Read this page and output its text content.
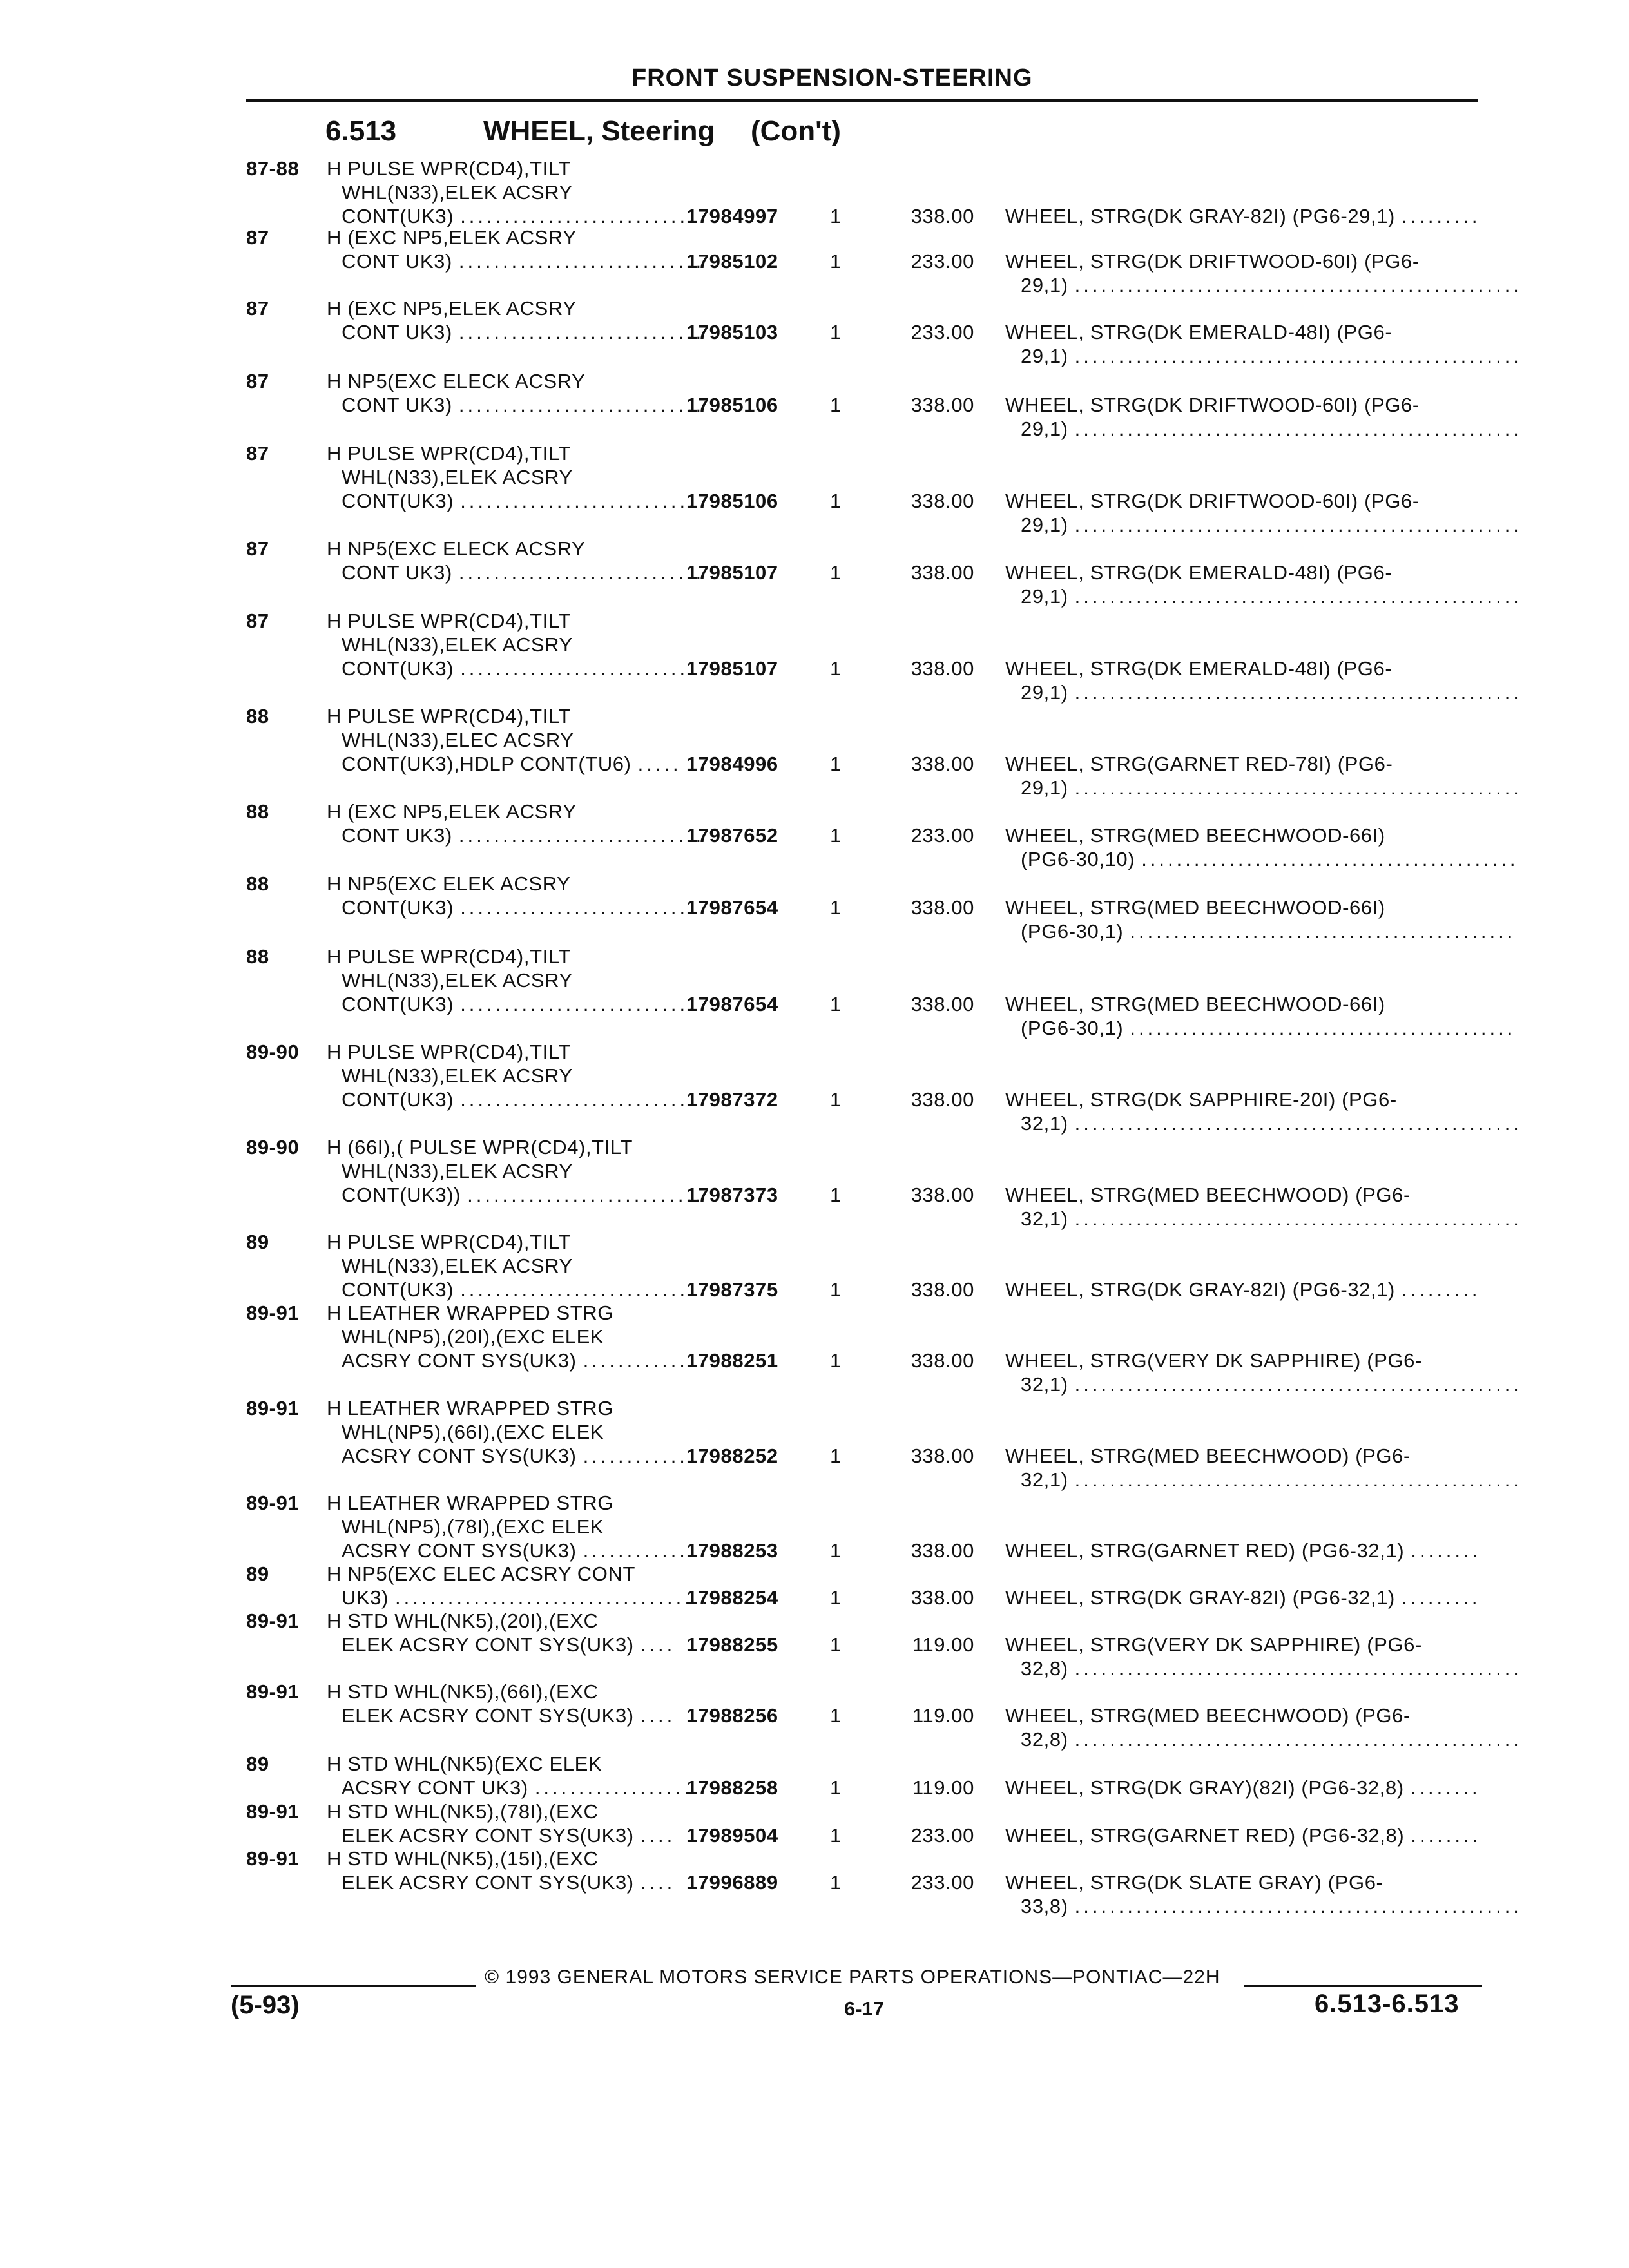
FRONT SUSPENSION-STEERING
6.513	WHEEL, Steering (Con't)
87-88 H PULSE WPR(CD4),TILT
WHL(N33),ELEK ACSRY
CONT(UK3) ...........................
17984997	1	338.00 WHEEL, STRG(DK GRAY-82I) (PG6-29,1) .........
87	H (EXC NP5,ELEK ACSRY
CONT UK3) ............................
17985102	1	233.00 WHEEL, STRG(DK DRIFTWOOD-60I) (PG6-
29,1) ...................................................
87	H (EXC NP5,ELEK ACSRY
CONT UK3) ............................
17985103	1	233.00 WHEEL, STRG(DK EMERALD-48I) (PG6-
29,1) ...................................................
87	H NP5(EXC ELECK ACSRY
CONT UK3) ............................
17985106	1	338.00 WHEEL, STRG(DK DRIFTWOOD-60I) (PG6-
29,1) ...................................................
87	H PULSE WPR(CD4),TILT
WHL(N33),ELEK ACSRY
CONT(UK3) ...........................
17985106	1	338.00 WHEEL, STRG(DK DRIFTWOOD-60I) (PG6-
29,1) ...................................................
87	H NP5(EXC ELECK ACSRY
CONT UK3) ............................
17985107	1	338.00 WHEEL, STRG(DK EMERALD-48I) (PG6-
29,1) ...................................................
87	H PULSE WPR(CD4),TILT
WHL(N33),ELEK ACSRY
CONT(UK3) ...........................
17985107	1	338.00 WHEEL, STRG(DK EMERALD-48I) (PG6-
29,1) ...................................................
88	H PULSE WPR(CD4),TILT
WHL(N33),ELEC ACSRY
CONT(UK3),HDLP CONT(TU6) ..... 17984996	1	338.00 WHEEL, STRG(GARNET RED-78I) (PG6-
29,1) ...................................................
88	H (EXC NP5,ELEK ACSRY
CONT UK3) ............................
17987652	1	233.00 WHEEL, STRG(MED BEECHWOOD-66I)
(PG6-30,10) ...........................................
88	H NP5(EXC ELEK ACSRY
CONT(UK3) ...........................
17987654	1	338.00 WHEEL, STRG(MED BEECHWOOD-66I)
(PG6-30,1) ............................................
88	H PULSE WPR(CD4),TILT
WHL(N33),ELEK ACSRY
CONT(UK3) ...........................
17987654	1	338.00 WHEEL, STRG(MED BEECHWOOD-66I)
(PG6-30,1) ............................................
89-90 H PULSE WPR(CD4),TILT
WHL(N33),ELEK ACSRY
CONT(UK3) ...........................
17987372	1	338.00 WHEEL, STRG(DK SAPPHIRE-20I) (PG6-
32,1) ...................................................
89-90 H (66I),( PULSE WPR(CD4),TILT
WHL(N33),ELEK ACSRY
CONT(UK3)) ...........................
17987373	1	338.00 WHEEL, STRG(MED BEECHWOOD) (PG6-
32,1) ...................................................
89	H PULSE WPR(CD4),TILT
WHL(N33),ELEK ACSRY
CONT(UK3) ...........................
17987375	1	338.00 WHEEL, STRG(DK GRAY-82I) (PG6-32,1) .........
89-91 H LEATHER WRAPPED STRG
WHL(NP5),(20I),(EXC ELEK
ACSRY CONT SYS(UK3) ............
17988251	1	338.00 WHEEL, STRG(VERY DK SAPPHIRE) (PG6-
32,1) ...................................................
89-91 H LEATHER WRAPPED STRG
WHL(NP5),(66I),(EXC ELEK
ACSRY CONT SYS(UK3) ............
17988252	1	338.00 WHEEL, STRG(MED BEECHWOOD) (PG6-
32,1) ...................................................
89-91 H LEATHER WRAPPED STRG
WHL(NP5),(78I),(EXC ELEK
ACSRY CONT SYS(UK3) ............
17988253	1	338.00 WHEEL, STRG(GARNET RED) (PG6-32,1) ........
89	H NP5(EXC ELEC ACSRY CONT
UK3) ....................................
17988254	1	338.00 WHEEL, STRG(DK GRAY-82I) (PG6-32,1) .........
89-91 H STD WHL(NK5),(20I),(EXC
ELEK ACSRY CONT SYS(UK3) .... 17988255	1	119.00 WHEEL, STRG(VERY DK SAPPHIRE) (PG6-
32,8) ...................................................
89-91 H STD WHL(NK5),(66I),(EXC
ELEK ACSRY CONT SYS(UK3) .... 17988256	1	119.00 WHEEL, STRG(MED BEECHWOOD) (PG6-
32,8) ...................................................
89	H STD WHL(NK5)(EXC ELEK
ACSRY CONT UK3) ..................
17988258	1	119.00 WHEEL, STRG(DK GRAY)(82I) (PG6-32,8) ........
89-91 H STD WHL(NK5),(78I),(EXC
ELEK ACSRY CONT SYS(UK3) .... 17989504	1	233.00 WHEEL, STRG(GARNET RED) (PG6-32,8) ........
89-91 H STD WHL(NK5),(15I),(EXC
ELEK ACSRY CONT SYS(UK3) .... 17996889	1	233.00 WHEEL, STRG(DK SLATE GRAY) (PG6-
33,8) ...................................................
© 1993 GENERAL MOTORS SERVICE PARTS OPERATIONS—PONTIAC—22H
(5-93)	6-17	6.513-6.513
